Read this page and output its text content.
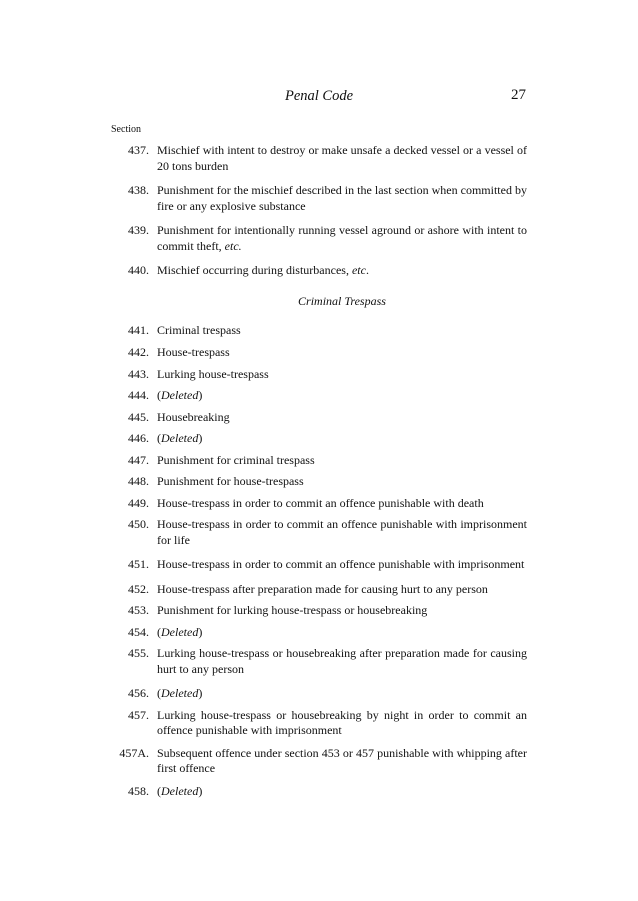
Penal Code	27
Section
437. Mischief with intent to destroy or make unsafe a decked vessel or a vessel of 20 tons burden
438. Punishment for the mischief described in the last section when committed by fire or any explosive substance
439. Punishment for intentionally running vessel aground or ashore with intent to commit theft, etc.
440. Mischief occurring during disturbances, etc.
Criminal Trespass
441. Criminal trespass
442. House-trespass
443. Lurking house-trespass
444. (Deleted)
445. Housebreaking
446. (Deleted)
447. Punishment for criminal trespass
448. Punishment for house-trespass
449. House-trespass in order to commit an offence punishable with death
450. House-trespass in order to commit an offence punishable with imprisonment for life
451. House-trespass in order to commit an offence punishable with imprisonment
452. House-trespass after preparation made for causing hurt to any person
453. Punishment for lurking house-trespass or housebreaking
454. (Deleted)
455. Lurking house-trespass or housebreaking after preparation made for causing hurt to any person
456. (Deleted)
457. Lurking house-trespass or housebreaking by night in order to commit an offence punishable with imprisonment
457A. Subsequent offence under section 453 or 457 punishable with whipping after first offence
458. (Deleted)
